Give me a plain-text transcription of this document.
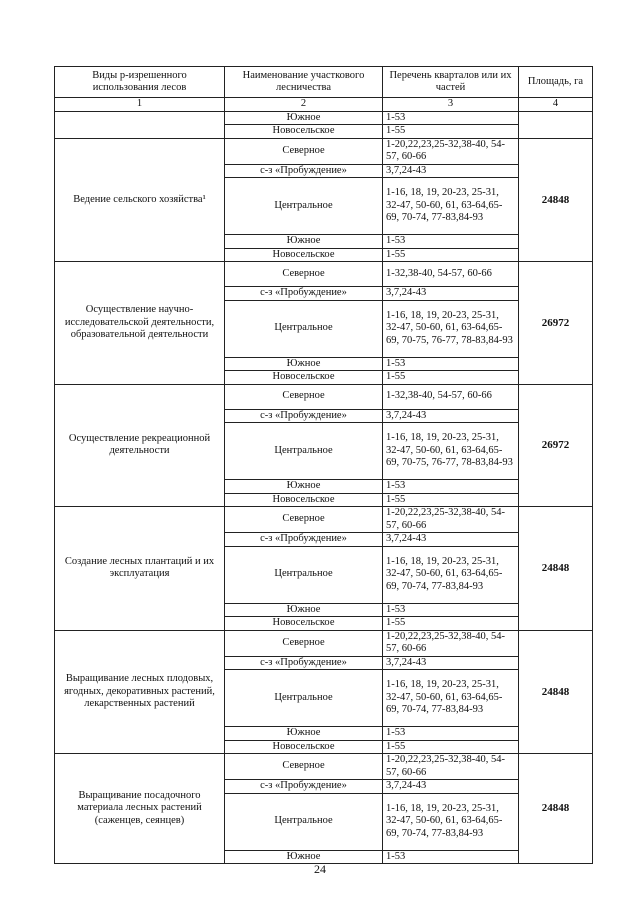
Виды р-изрешенного использования лесов	Наименование участкового лесничества	Перечень кварталов или их частей	Площадь, га
1	2	3	4
	Южное	1-53	
	Новосельское	1-55	
Ведение сельского хозяйства¹	Северное	1-20,22,23,25-32,38-40, 54-57, 60-66	24848
	с-з «Пробуждение»	3,7,24-43	
	Центральное	1-16, 18, 19, 20-23, 25-31, 32-47, 50-60, 61, 63-64,65-69, 70-74, 77-83,84-93	
	Южное	1-53	
	Новосельское	1-55	
Осуществление научно-исследовательской деятельности, образовательной деятельности	Северное	1-32,38-40, 54-57, 60-66	26972
	с-з «Пробуждение»	3,7,24-43	
	Центральное	1-16, 18, 19, 20-23, 25-31, 32-47, 50-60, 61, 63-64,65-69, 70-75, 76-77, 78-83,84-93	
	Южное	1-53	
	Новосельское	1-55	
Осуществление рекреационной деятельности	Северное	1-32,38-40, 54-57, 60-66	26972
	с-з «Пробуждение»	3,7,24-43	
	Центральное	1-16, 18, 19, 20-23, 25-31, 32-47, 50-60, 61, 63-64,65-69, 70-75, 76-77, 78-83,84-93	
	Южное	1-53	
	Новосельское	1-55	
Создание лесных плантаций и их эксплуатация	Северное	1-20,22,23,25-32,38-40, 54-57, 60-66	24848
	с-з «Пробуждение»	3,7,24-43	
	Центральное	1-16, 18, 19, 20-23, 25-31, 32-47, 50-60, 61, 63-64,65-69, 70-74, 77-83,84-93	
	Южное	1-53	
	Новосельское	1-55	
Выращивание лесных плодовых, ягодных, декоративных растений, лекарственных растений	Северное	1-20,22,23,25-32,38-40, 54-57, 60-66	24848
	с-з «Пробуждение»	3,7,24-43	
	Центральное	1-16, 18, 19, 20-23, 25-31, 32-47, 50-60, 61, 63-64,65-69, 70-74, 77-83,84-93	
	Южное	1-53	
	Новосельское	1-55	
Выращивание посадочного материала лесных растений (саженцев, сеянцев)	Северное	1-20,22,23,25-32,38-40, 54-57, 60-66	24848
	с-з «Пробуждение»	3,7,24-43	
	Центральное	1-16, 18, 19, 20-23, 25-31, 32-47, 50-60, 61, 63-64,65-69, 70-74, 77-83,84-93	
	Южное	1-53	
24
